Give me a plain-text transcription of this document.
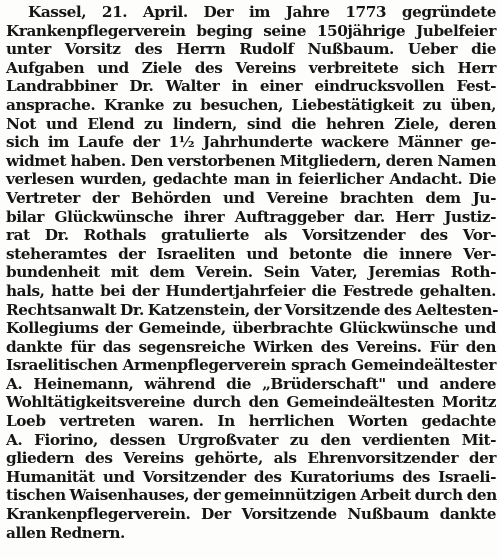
Kassel, 21. April. Der im Jahre 1773 gegründete
Krankenpflegerverein beging seine 150jährige Jubelfeier
unter Vorsitz des Herrn Rudolf Nußbaum. Ueber die
Aufgaben und Ziele des Vereins verbreitete sich Herr
Landrabbiner Dr. Walter in einer eindrucksvollen Fest-
ansprache. Kranke zu besuchen, Liebestätigkeit zu üben,
Not und Elend zu lindern, sind die hehren Ziele, deren
sich im Laufe der 1½ Jahrhunderte wackere Männer ge-
widmet haben. Den verstorbenen Mitgliedern, deren Namen
verlesen wurden, gedachte man in feierlicher Andacht. Die
Vertreter der Behörden und Vereine brachten dem Ju-
bilar Glückwünsche ihrer Auftraggeber dar. Herr Justiz-
rat Dr. Rothals gratulierte als Vorsitzender des Vor-
steheramtes der Israeliten und betonte die innere Ver-
bundenheit mit dem Verein. Sein Vater, Jeremias Roth-
hals, hatte bei der Hundertjahrfeier die Festrede gehalten.
Rechtsanwalt Dr. Katzenstein, der Vorsitzende des Aeltesten-
Kollegiums der Gemeinde, überbrachte Glückwünsche und
dankte für das segensreiche Wirken des Vereins. Für den
Israelitischen Armenpflegerverein sprach Gemeindeältester
A. Heinemann, während die „Brüderschaft" und andere
Wohltätigkeitsvereine durch den Gemeindeältesten Moritz
Loeb vertreten waren. In herrlichen Worten gedachte
A. Fiorino, dessen Urgroßvater zu den verdienten Mit-
gliedern des Vereins gehörte, als Ehrenvorsitzender der
Humanität und Vorsitzender des Kuratoriums des Israeli-
tischen Waisenhauses, der gemeinnützigen Arbeit durch den
Krankenpflegerverein. Der Vorsitzende Nußbaum dankte
allen Rednern.
